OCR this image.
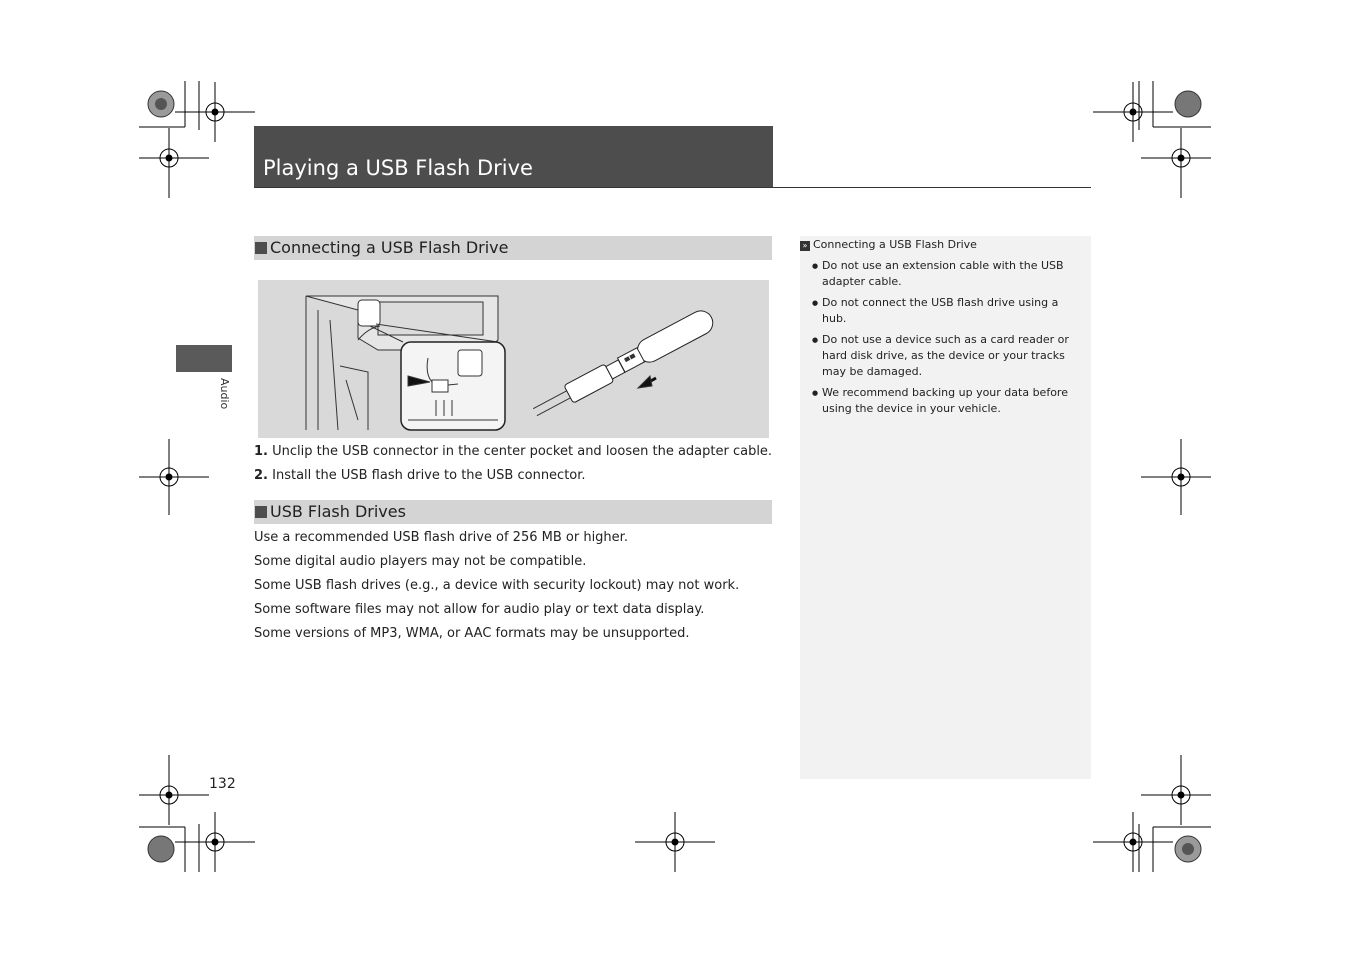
Playing a USB Flash Drive
Audio
Connecting a USB Flash Drive
1. Unclip the USB connector in the center pocket and loosen the adapter cable.
2. Install the USB flash drive to the USB connector.
USB Flash Drives
Use a recommended USB flash drive of 256 MB or higher.
Some digital audio players may not be compatible.
Some USB flash drives (e.g., a device with security lockout) may not work.
Some software files may not allow for audio play or text data display.
Some versions of MP3, WMA, or AAC formats may be unsupported.
» Connecting a USB Flash Drive
● Do not use an extension cable with the USB adapter cable.
● Do not connect the USB flash drive using a hub.
● Do not use a device such as a card reader or hard disk drive, as the device or your tracks may be damaged.
● We recommend backing up your data before using the device in your vehicle.
132
